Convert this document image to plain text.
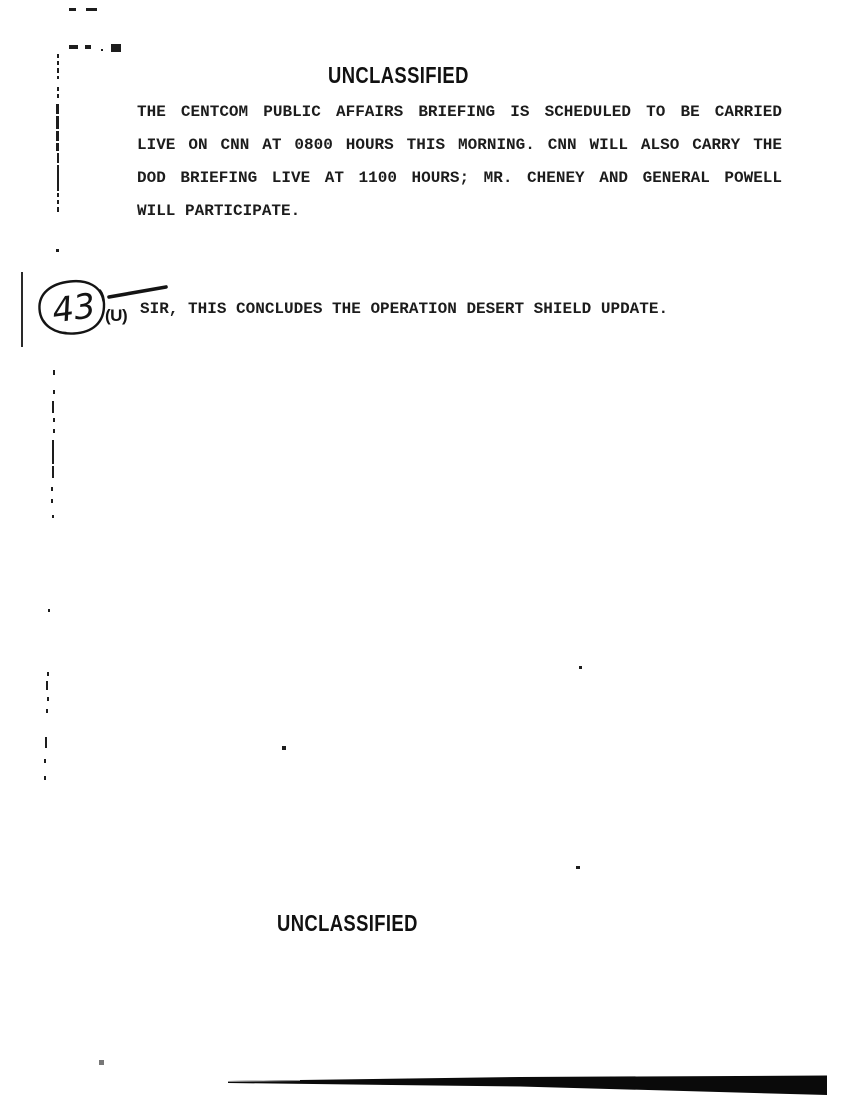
UNCLASSIFIED
THE CENTCOM PUBLIC AFFAIRS BRIEFING IS SCHEDULED TO BE CARRIED
LIVE ON CNN AT 0800 HOURS THIS MORNING. CNN WILL ALSO CARRY THE
DOD BRIEFING LIVE AT 1100 HOURS; MR. CHENEY AND GENERAL POWELL
WILL PARTICIPATE.
43 (U) SIR, THIS CONCLUDES THE OPERATION DESERT SHIELD UPDATE.
UNCLASSIFIED
